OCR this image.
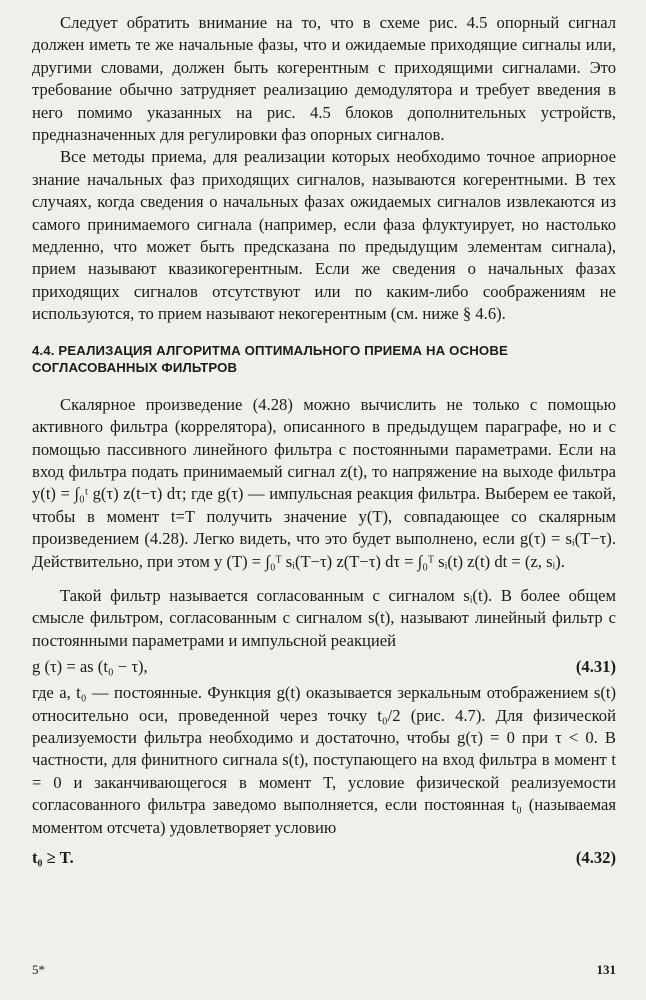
Следует обратить внимание на то, что в схеме рис. 4.5 опорный сигнал должен иметь те же начальные фазы, что и ожидаемые приходящие сигналы или, другими словами, должен быть когерентным с приходящими сигналами. Это требование обычно затрудняет реализацию демодулятора и требует введения в него помимо указанных на рис. 4.5 блоков дополнительных устройств, предназначенных для регулировки фаз опорных сигналов.

Все методы приема, для реализации которых необходимо точное априорное знание начальных фаз приходящих сигналов, называются когерентными. В тех случаях, когда сведения о начальных фазах ожидаемых сигналов извлекаются из самого принимаемого сигнала (например, если фаза флуктуирует, но настолько медленно, что может быть предсказана по предыдущим элементам сигнала), прием называют квазикогерентным. Если же сведения о начальных фазах приходящих сигналов отсутствуют или по каким-либо соображениям не используются, то прием называют некогерентным (см. ниже § 4.6).

4.4. РЕАЛИЗАЦИЯ АЛГОРИТМА ОПТИМАЛЬНОГО ПРИЕМА НА ОСНОВЕ СОГЛАСОВАННЫХ ФИЛЬТРОВ

Скалярное произведение (4.28) можно вычислить не только с помощью активного фильтра (коррелятора), описанного в предыдущем параграфе, но и с помощью пассивного линейного фильтра с постоянными параметрами. Если на вход фильтра подать принимаемый сигнал z(t), то напряжение на выходе фильтра y(t) = ∫₀ᵗ g(τ) z(t−τ) dτ; где g(τ) — импульсная реакция фильтра. Выберем ее такой, чтобы в момент t=T получить значение y(T), совпадающее со скалярным произведением (4.28). Легко видеть, что это будет выполнено, если g(τ) = sᵢ(T−τ). Действительно, при этом y (T) = ∫₀ᵀ sᵢ(T−τ) z(T−τ) dτ = ∫₀ᵀ sᵢ(t) z(t) dt = (z, sᵢ).

Такой фильтр называется согласованным с сигналом sᵢ(t). В более общем смысле фильтром, согласованным с сигналом s(t), называют линейный фильтр с постоянными параметрами и импульсной реакцией

g (τ) = as (t₀ − τ),	(4.31)

где a, t₀ — постоянные. Функция g(t) оказывается зеркальным отображением s(t) относительно оси, проведенной через точку t₀/2 (рис. 4.7). Для физической реализуемости фильтра необходимо и достаточно, чтобы g(τ) = 0 при τ < 0. В частности, для финитного сигнала s(t), поступающего на вход фильтра в момент t = 0 и заканчивающегося в момент T, условие физической реализуемости согласованного фильтра заведомо выполняется, если постоянная t₀ (называемая моментом отсчета) удовлетворяет условию

t₀ ≥ T.	(4.32)
5*	131
